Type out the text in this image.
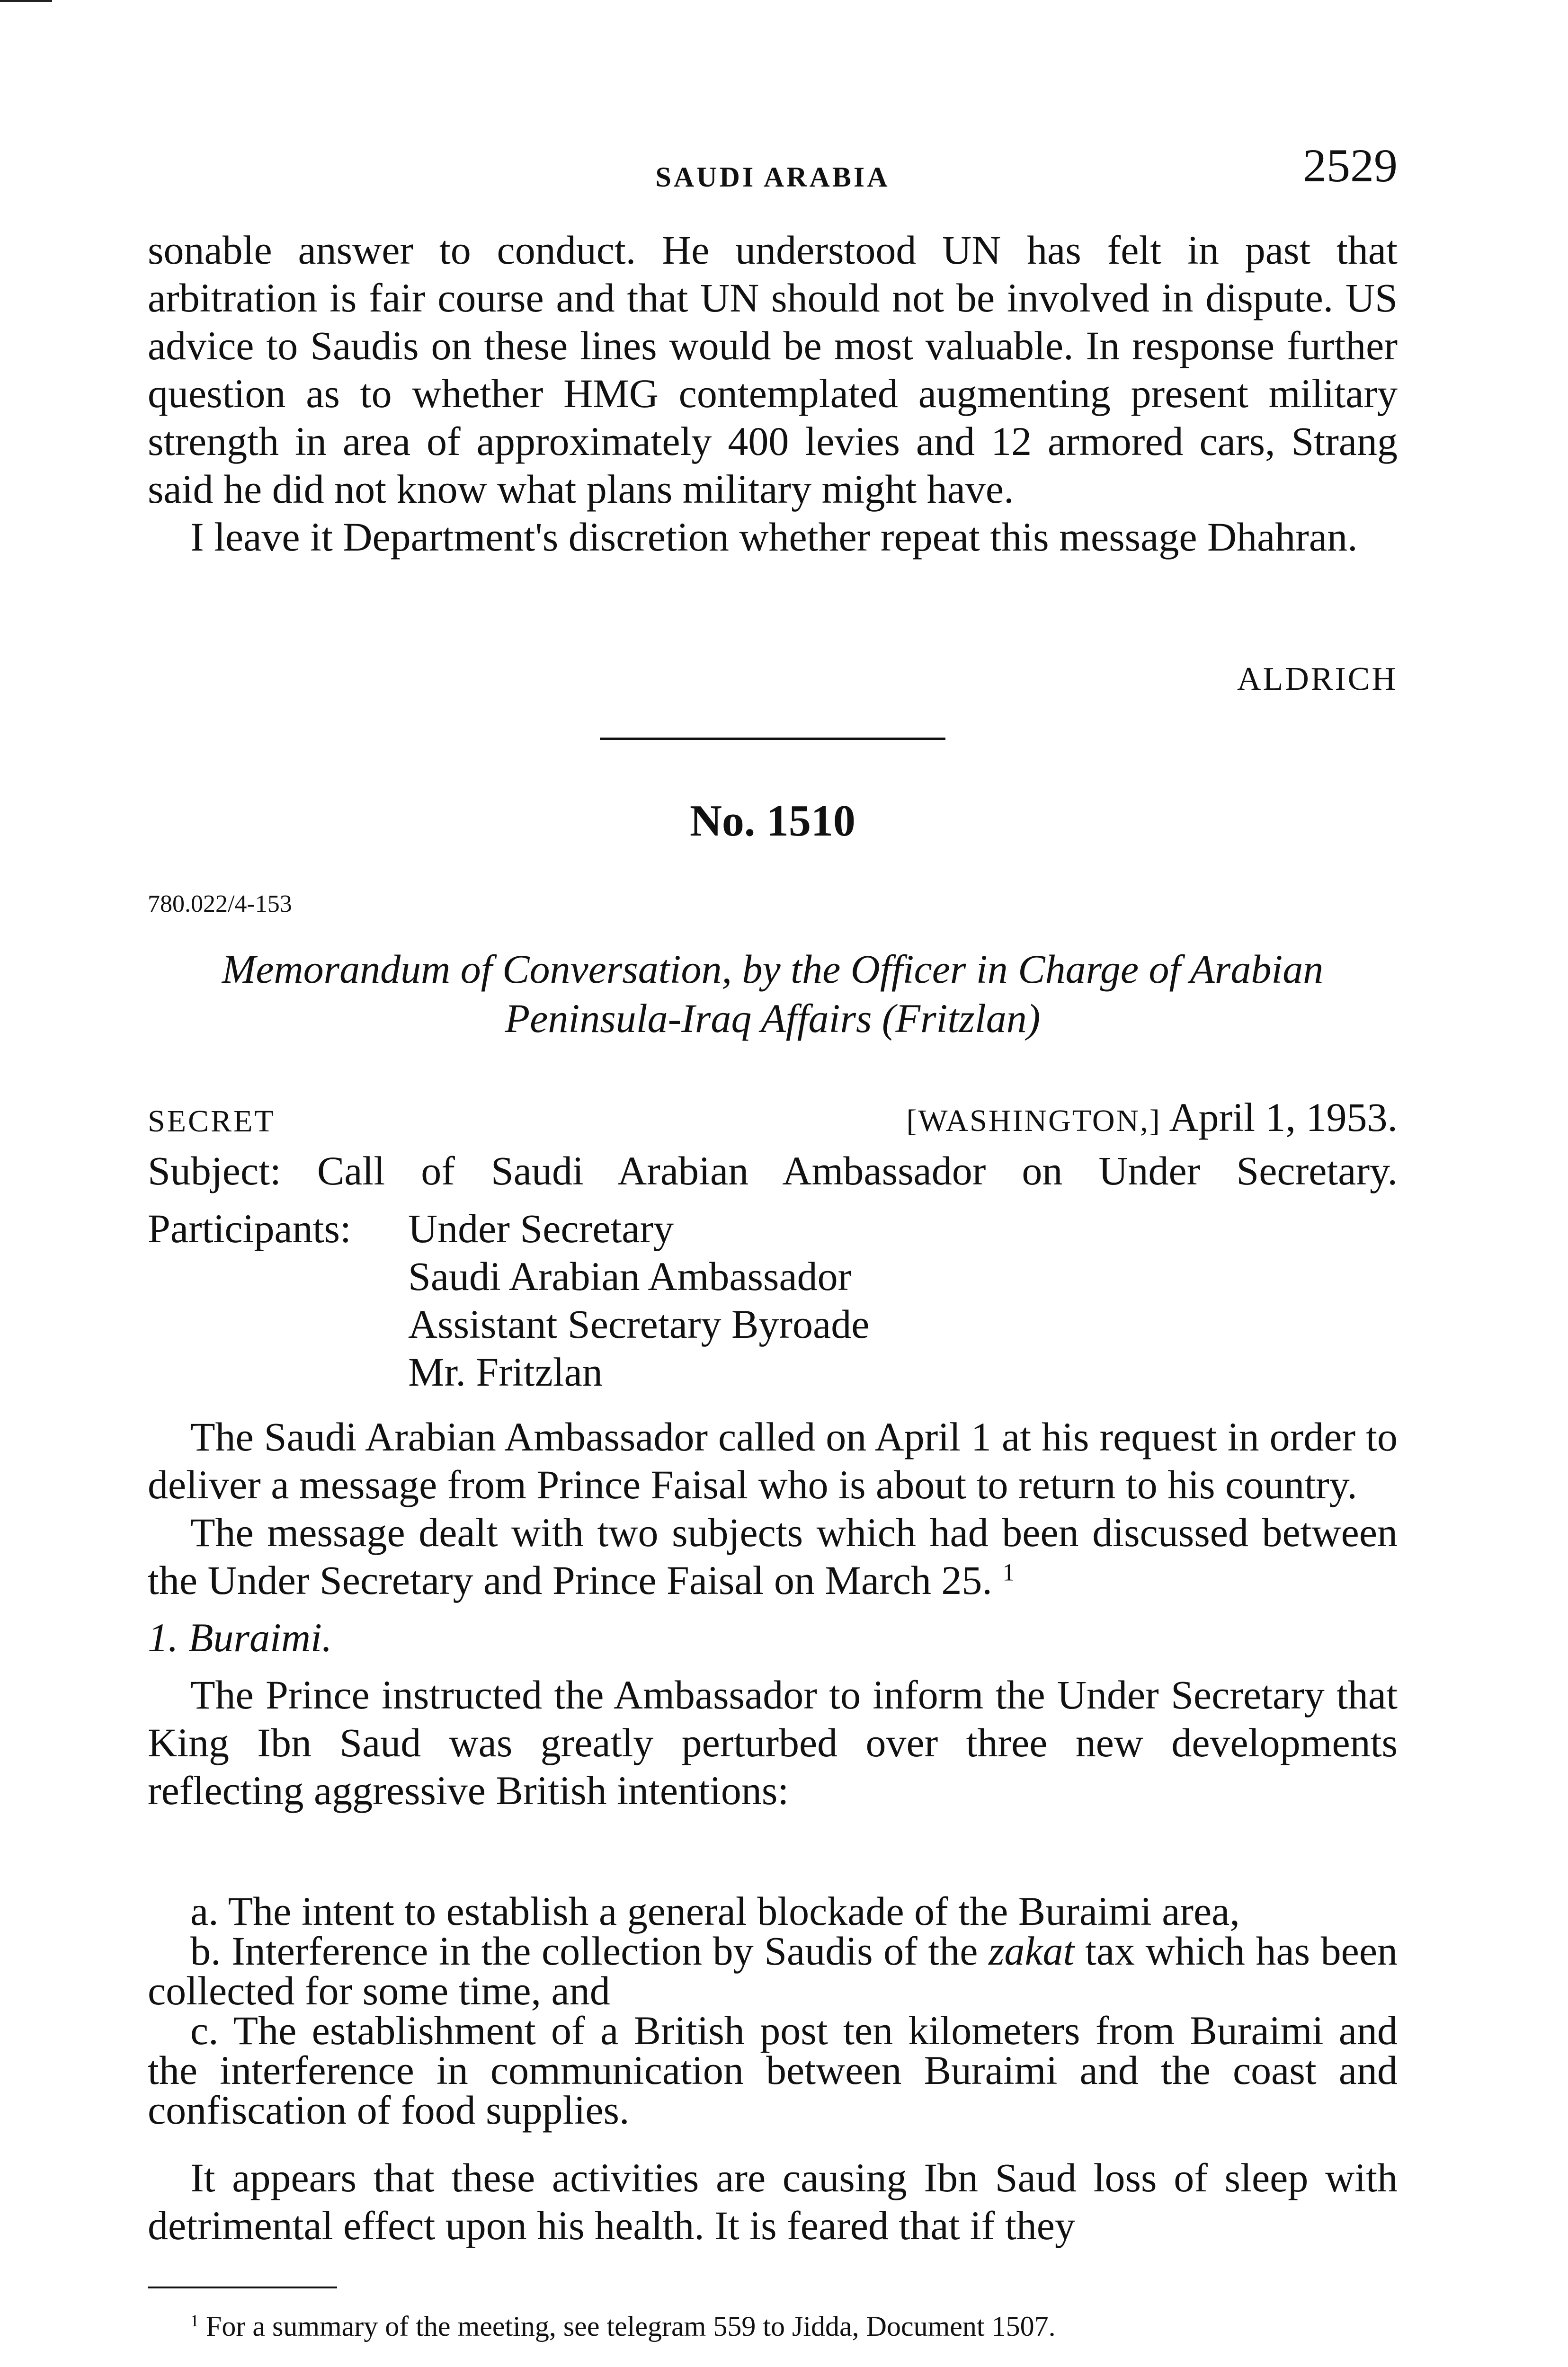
SAUDI ARABIA	2529

sonable answer to conduct. He understood UN has felt in past that arbitration is fair course and that UN should not be involved in dispute. US advice to Saudis on these lines would be most valuable. In response further question as to whether HMG contemplated augmenting present military strength in area of approximately 400 levies and 12 armored cars, Strang said he did not know what plans military might have.

I leave it Department's discretion whether repeat this message Dhahran.

ALDRICH
No. 1510
780.022/4-153
Memorandum of Conversation, by the Officer in Charge of Arabian
Peninsula-Iraq Affairs (Fritzlan)
SECRET	[WASHINGTON,] April 1, 1953.
Subject: Call of Saudi Arabian Ambassador on Under Secretary.
Participants: Under Secretary
Saudi Arabian Ambassador
Assistant Secretary Byroade
Mr. Fritzlan

The Saudi Arabian Ambassador called on April 1 at his request in order to deliver a message from Prince Faisal who is about to return to his country.

The message dealt with two subjects which had been discussed between the Under Secretary and Prince Faisal on March 25. $^1$

1. Buraimi.

The Prince instructed the Ambassador to inform the Under Secretary that King Ibn Saud was greatly perturbed over three new developments reflecting aggressive British intentions:

a. The intent to establish a general blockade of the Buraimi area,

b. Interference in the collection by Saudis of the zakat tax which has been collected for some time, and

c. The establishment of a British post ten kilometers from Buraimi and the interference in communication between Buraimi and the coast and confiscation of food supplies.

It appears that these activities are causing Ibn Saud loss of sleep with detrimental effect upon his health. It is feared that if they

$^1$ For a summary of the meeting, see telegram 559 to Jidda, Document 1507.
